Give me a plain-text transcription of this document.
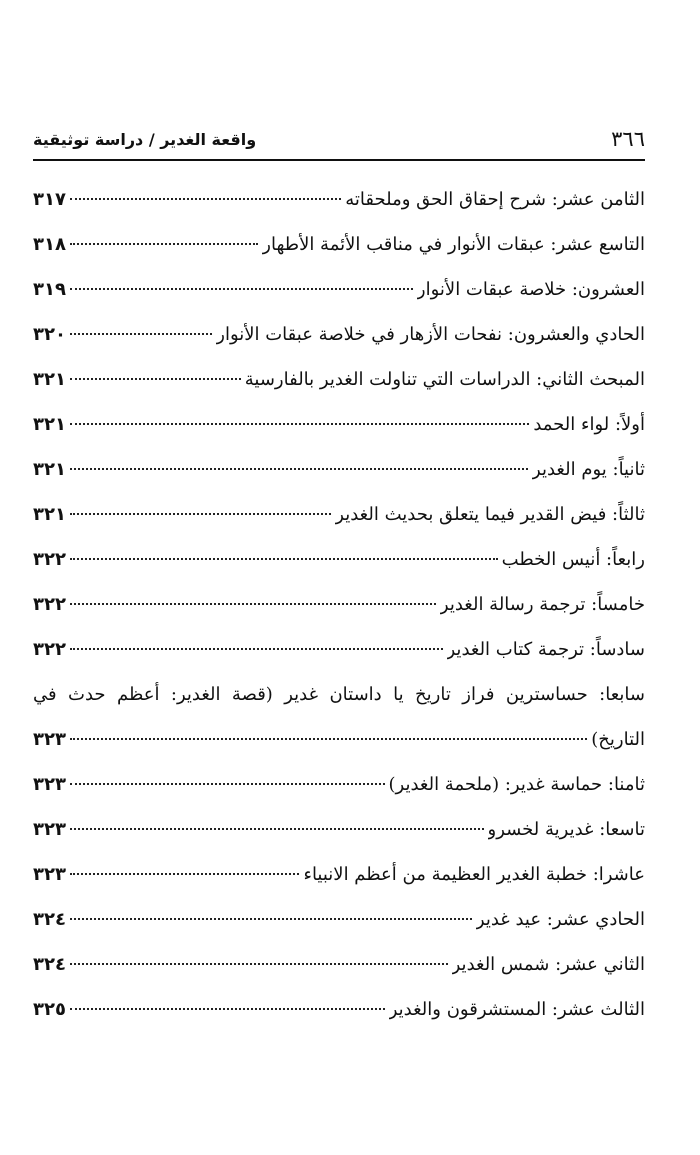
٣٦٦
واقعة الغدير / دراسة توثيقية
الثامن عشر: شرح إحقاق الحق وملحقاته
٣١٧
التاسع عشر: عبقات الأنوار في مناقب الأئمة الأطهار
٣١٨
العشرون: خلاصة عبقات الأنوار
٣١٩
الحادي والعشرون: نفحات الأزهار في خلاصة عبقات الأنوار
٣٢٠
المبحث الثاني: الدراسات التي تناولت الغدير بالفارسية
٣٢١
أولاً: لواء الحمد
٣٢١
ثانياً: يوم الغدير
٣٢١
ثالثاً: فيض القدير فيما يتعلق بحديث الغدير
٣٢١
رابعاً: أنيس الخطب
٣٢٢
خامساً: ترجمة رسالة الغدير
٣٢٢
سادساً: ترجمة كتاب الغدير
٣٢٢
سابعا: حساسترين فراز تاريخ يا داستان غدير (قصة الغدير: أعظم حدث في
التاريخ)
٣٢٣
ثامنا: حماسة غدير: (ملحمة الغدير)
٣٢٣
تاسعا: غديرية لخسرو
٣٢٣
عاشرا: خطبة الغدير العظيمة من أعظم الانبياء
٣٢٣
الحادي عشر: عيد غدير
٣٢٤
الثاني عشر: شمس الغدير
٣٢٤
الثالث عشر: المستشرقون والغدير
٣٢٥
